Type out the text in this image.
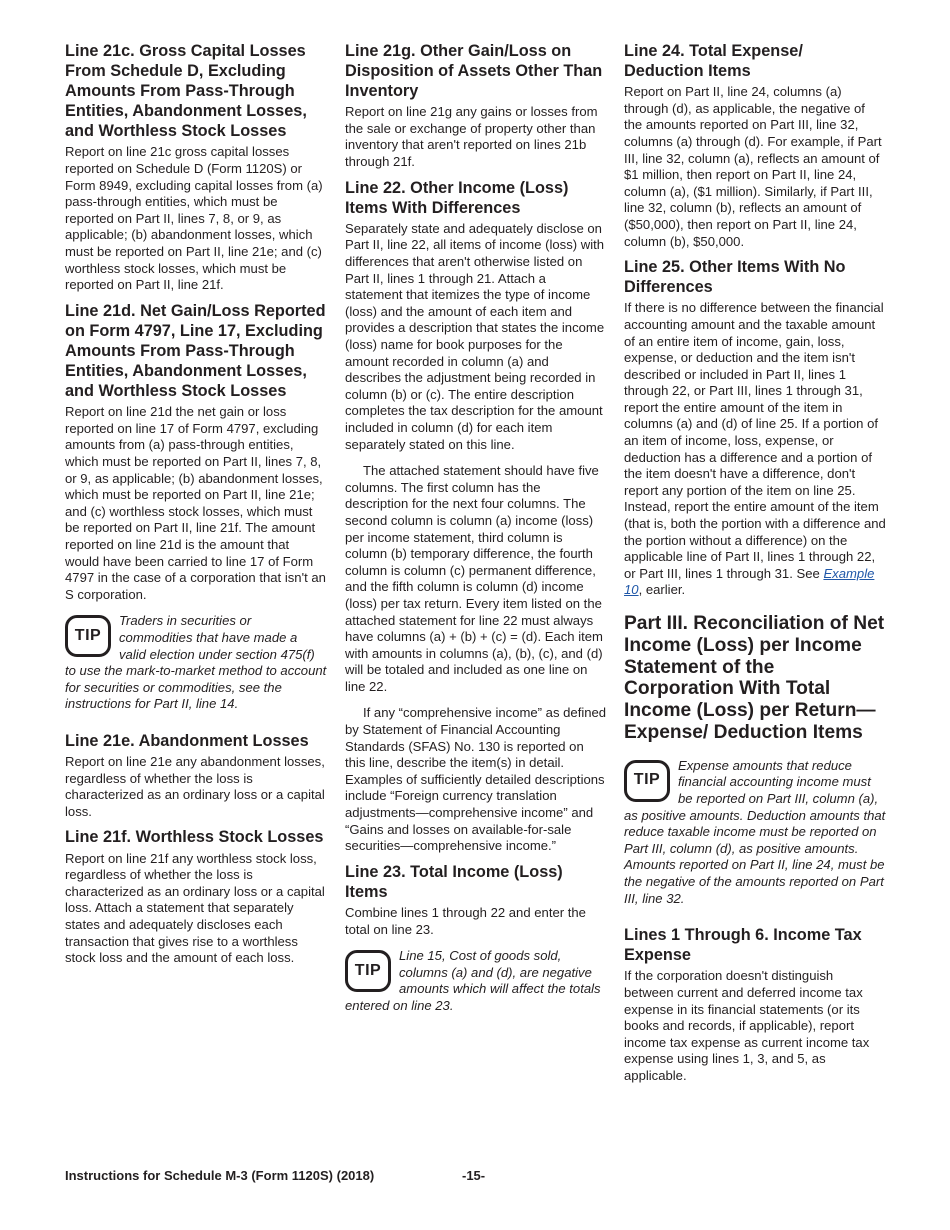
Line 21c. Gross Capital Losses From Schedule D, Excluding Amounts From Pass-Through Entities, Abandonment Losses, and Worthless Stock Losses

Report on line 21c gross capital losses reported on Schedule D (Form 1120S) or Form 8949, excluding capital losses from (a) pass-through entities, which must be reported on Part II, lines 7, 8, or 9, as applicable; (b) abandonment losses, which must be reported on Part II, line 21e; and (c) worthless stock losses, which must be reported on Part II, line 21f.

Line 21d. Net Gain/Loss Reported on Form 4797, Line 17, Excluding Amounts From Pass-Through Entities, Abandonment Losses, and Worthless Stock Losses

Report on line 21d the net gain or loss reported on line 17 of Form 4797, excluding amounts from (a) pass-through entities, which must be reported on Part II, lines 7, 8, or 9, as applicable; (b) abandonment losses, which must be reported on Part II, line 21e; and (c) worthless stock losses, which must be reported on Part II, line 21f. The amount reported on line 21d is the amount that would have been carried to line 17 of Form 4797 in the case of a corporation that isn't an S corporation.

TIP
Traders in securities or commodities that have made a valid election under section 475(f) to use the mark-to-market method to account for securities or commodities, see the instructions for Part II, line 14.
Line 21e. Abandonment Losses

Report on line 21e any abandonment losses, regardless of whether the loss is characterized as an ordinary loss or a capital loss.

Line 21f. Worthless Stock Losses

Report on line 21f any worthless stock loss, regardless of whether the loss is characterized as an ordinary loss or a capital loss. Attach a statement that separately states and adequately discloses each transaction that gives rise to a worthless stock loss and the amount of each loss.

Line 21g. Other Gain/Loss on Disposition of Assets Other Than Inventory

Report on line 21g any gains or losses from the sale or exchange of property other than inventory that aren't reported on lines 21b through 21f.

Line 22. Other Income (Loss) Items With Differences

Separately state and adequately disclose on Part II, line 22, all items of income (loss) with differences that aren't otherwise listed on Part II, lines 1 through 21. Attach a statement that itemizes the type of income (loss) and the amount of each item and provides a description that states the income (loss) name for book purposes for the amount recorded in column (a) and describes the adjustment being recorded in column (b) or (c). The entire description completes the tax description for the amount included in column (d) for each item separately stated on this line.

The attached statement should have five columns. The first column has the description for the next four columns. The second column is column (a) income (loss) per income statement, third column is column (b) temporary difference, the fourth column is column (c) permanent difference, and the fifth column is column (d) income (loss) per tax return. Every item listed on the attached statement for line 22 must always have columns (a) + (b) + (c) = (d). Each item with amounts in columns (a), (b), (c), and (d) will be totaled and included as one line on line 22.

If any “comprehensive income” as defined by Statement of Financial Accounting Standards (SFAS) No. 130 is reported on this line, describe the item(s) in detail. Examples of sufficiently detailed descriptions include “Foreign currency translation adjustments—comprehensive income” and “Gains and losses on available-for-sale securities—comprehensive income.”

Line 23. Total Income (Loss) Items

Combine lines 1 through 22 and enter the total on line 23.

TIP
Line 15, Cost of goods sold, columns (a) and (d), are negative amounts which will affect the totals entered on line 23.
Line 24. Total Expense/ Deduction Items

Report on Part II, line 24, columns (a) through (d), as applicable, the negative of the amounts reported on Part III, line 32, columns (a) through (d). For example, if Part III, line 32, column (a), reflects an amount of $1 million, then report on Part II, line 24, column (a), ($1 million). Similarly, if Part III, line 32, column (b), reflects an amount of ($50,000), then report on Part II, line 24, column (b), $50,000.

Line 25. Other Items With No Differences

If there is no difference between the financial accounting amount and the taxable amount of an entire item of income, gain, loss, expense, or deduction and the item isn't described or included in Part II, lines 1 through 22, or Part III, lines 1 through 31, report the entire amount of the item in columns (a) and (d) of line 25. If a portion of an item of income, loss, expense, or deduction has a difference and a portion of the item doesn't have a difference, don't report any portion of the item on line 25. Instead, report the entire amount of the item (that is, both the portion with a difference and the portion without a difference) on the applicable line of Part II, lines 1 through 22, or Part III, lines 1 through 31. See Example 10, earlier.

Part III. Reconciliation of Net Income (Loss) per Income Statement of the Corporation With Total Income (Loss) per Return—Expense/ Deduction Items
TIP
Expense amounts that reduce financial accounting income must be reported on Part III, column (a), as positive amounts. Deduction amounts that reduce taxable income must be reported on Part III, column (d), as positive amounts. Amounts reported on Part II, line 24, must be the negative of the amounts reported on Part III, line 32.
Lines 1 Through 6. Income Tax Expense

If the corporation doesn't distinguish between current and deferred income tax expense in its financial statements (or its books and records, if applicable), report income tax expense as current income tax expense using lines 1, 3, and 5, as applicable.

Instructions for Schedule M-3 (Form 1120S) (2018)	-15-
